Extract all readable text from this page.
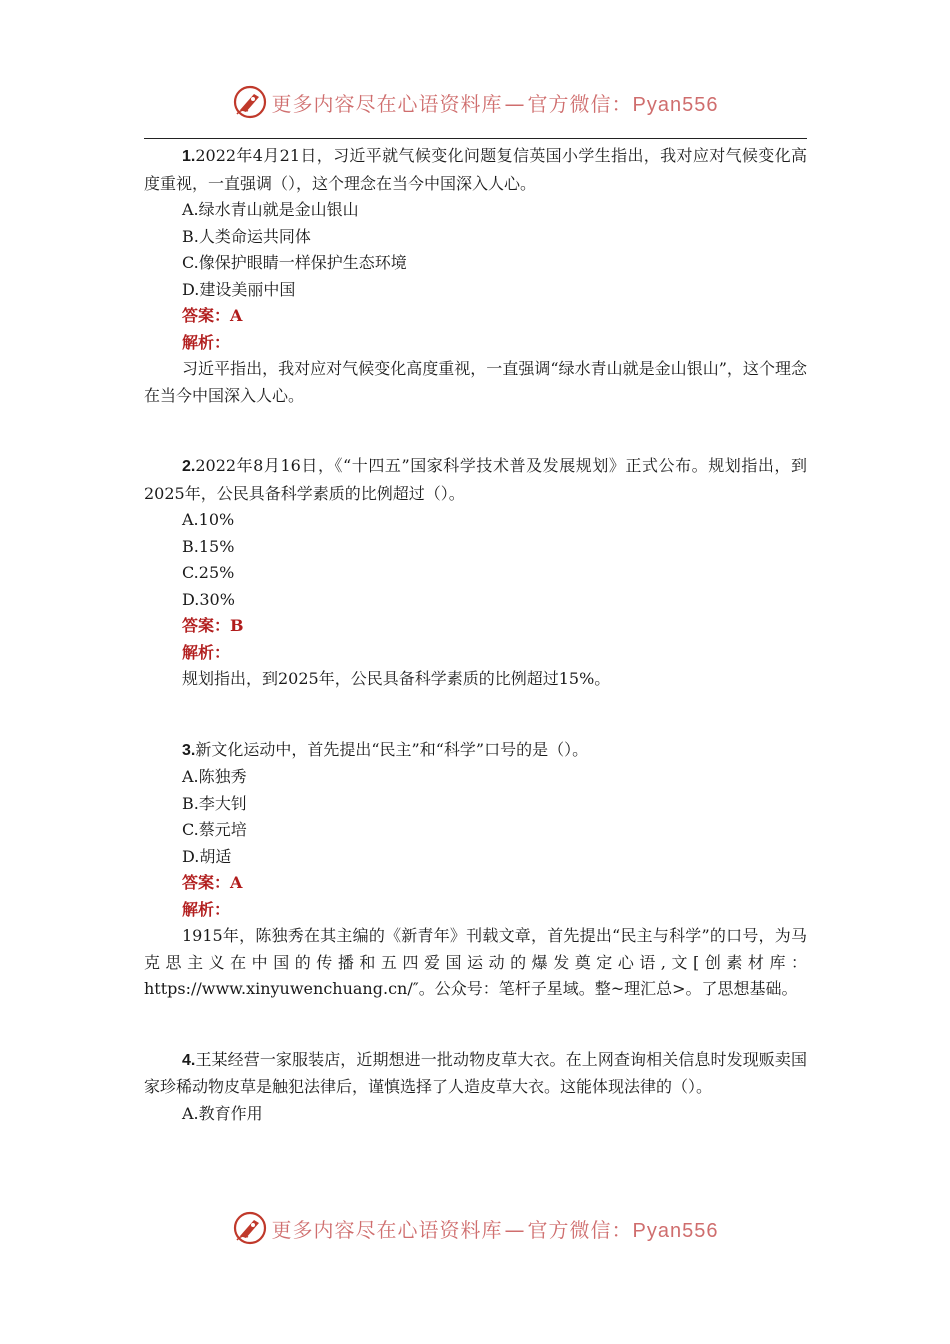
更多内容尽在心语资料库 — 官方微信：Pyan556
1.2022年4月21日，习近平就气候变化问题复信英国小学生指出，我对应对气候变化高度重视，一直强调（），这个理念在当今中国深入人心。
A.绿水青山就是金山银山
B.人类命运共同体
C.像保护眼睛一样保护生态环境
D.建设美丽中国
答案：A
解析：
习近平指出，我对应对气候变化高度重视，一直强调“绿水青山就是金山银山”，这个理念在当今中国深入人心。
2.2022年8月16日，《“十四五”国家科学技术普及发展规划》正式公布。规划指出，到2025年，公民具备科学素质的比例超过（）。
A.10%
B.15%
C.25%
D.30%
答案：B
解析：
规划指出，到2025年，公民具备科学素质的比例超过15%。
3.新文化运动中，首先提出“民主”和“科学”口号的是（）。
A.陈独秀
B.李大钊
C.蔡元培
D.胡适
答案：A
解析：
1915年，陈独秀在其主编的《新青年》刊载文章，首先提出“民主与科学”的口号，为马克思主义在中国的传播和五四爱国运动的爆发奠定心语,文[创素材库：https://www.xinyuwenchuang.cn/″。公众号：笔杆子星域。整~理汇总>。了思想基础。
4.王某经营一家服装店，近期想进一批动物皮草大衣。在上网查询相关信息时发现贩卖国家珍稀动物皮草是触犯法律后，谨慎选择了人造皮草大衣。这能体现法律的（）。
A.教育作用
更多内容尽在心语资料库 — 官方微信：Pyan556
